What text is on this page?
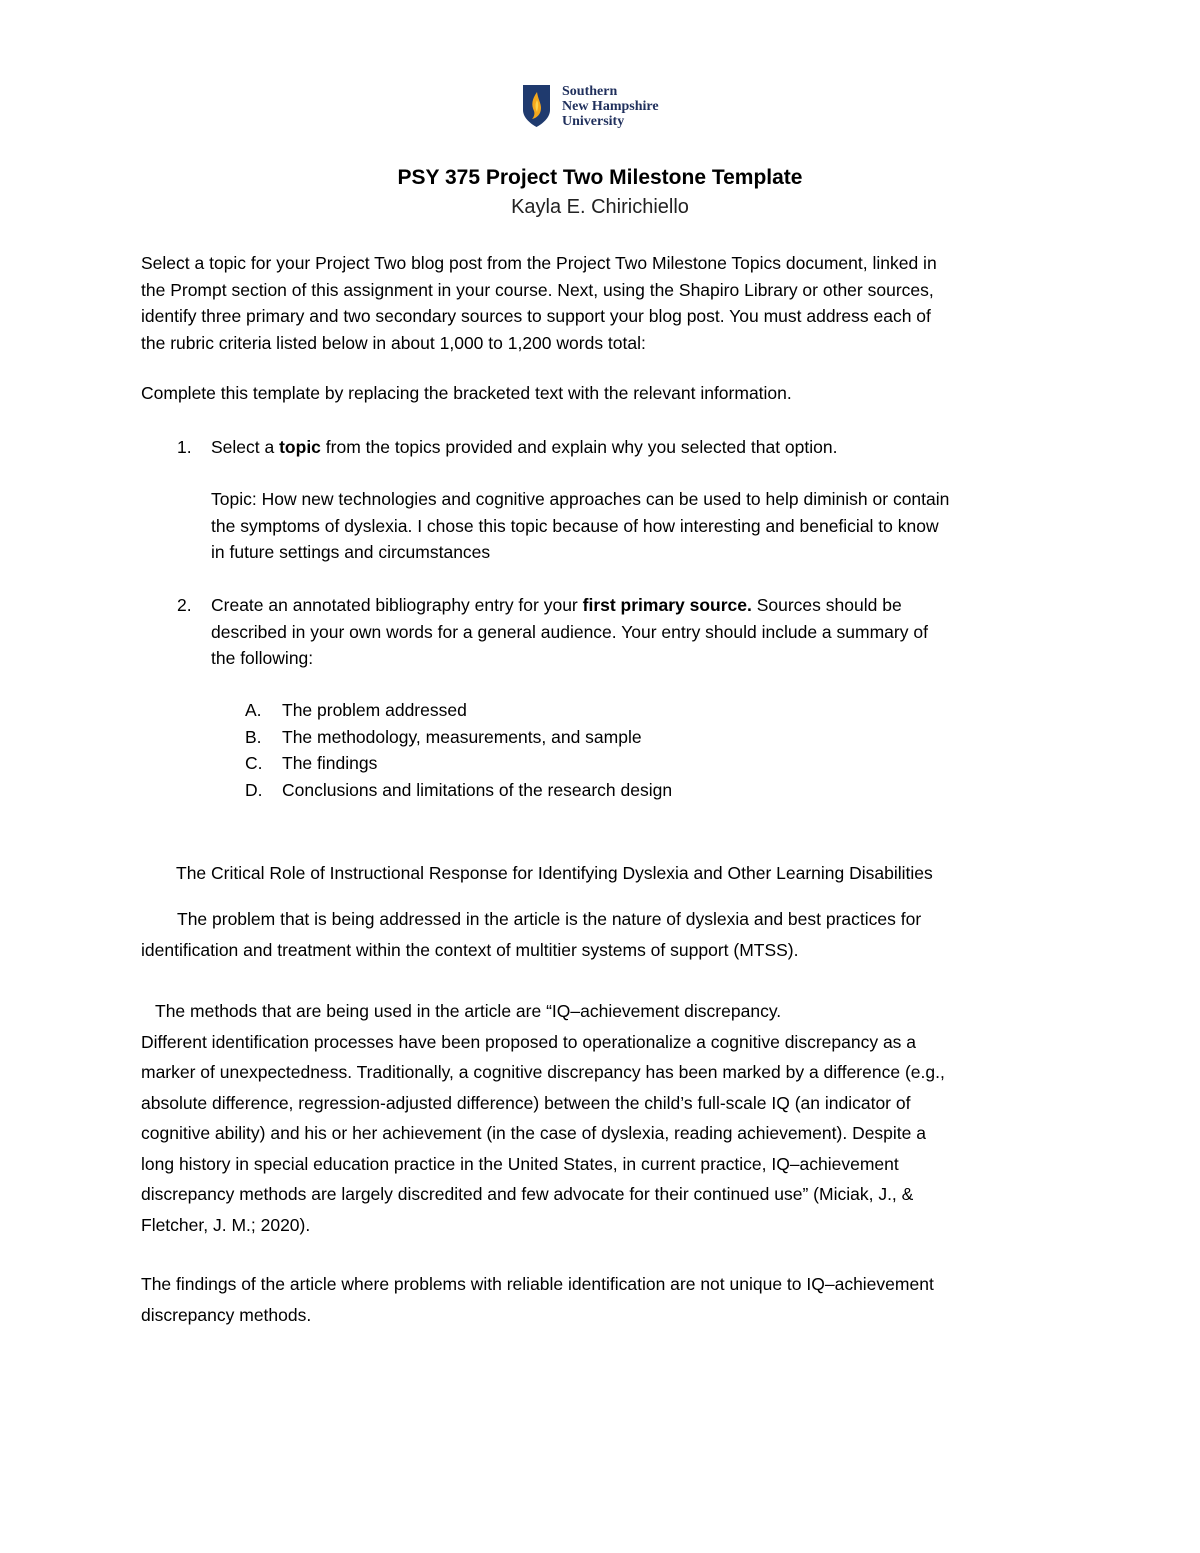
Southern
New Hampshire
University
PSY 375 Project Two Milestone Template
Kayla E. Chirichiello
Select a topic for your Project Two blog post from the Project Two Milestone Topics document, linked in
the Prompt section of this assignment in your course. Next, using the Shapiro Library or other sources,
identify three primary and two secondary sources to support your blog post. You must address each of
the rubric criteria listed below in about 1,000 to 1,200 words total:
Complete this template by replacing the bracketed text with the relevant information.
1. Select a topic from the topics provided and explain why you selected that option.
Topic: How new technologies and cognitive approaches can be used to help diminish or contain
the symptoms of dyslexia. I chose this topic because of how interesting and beneficial to know
in future settings and circumstances
2. Create an annotated bibliography entry for your first primary source. Sources should be
described in your own words for a general audience. Your entry should include a summary of
the following:
A. The problem addressed
B. The methodology, measurements, and sample
C. The findings
D. Conclusions and limitations of the research design
The Critical Role of Instructional Response for Identifying Dyslexia and Other Learning Disabilities
The problem that is being addressed in the article is the nature of dyslexia and best practices for
identification and treatment within the context of multitier systems of support (MTSS).
The methods that are being used in the article are “IQ–achievement discrepancy.
Different identification processes have been proposed to operationalize a cognitive discrepancy as a
marker of unexpectedness. Traditionally, a cognitive discrepancy has been marked by a difference (e.g.,
absolute difference, regression-adjusted difference) between the child’s full-scale IQ (an indicator of
cognitive ability) and his or her achievement (in the case of dyslexia, reading achievement). Despite a
long history in special education practice in the United States, in current practice, IQ–achievement
discrepancy methods are largely discredited and few advocate for their continued use” (Miciak, J., &
Fletcher, J. M.; 2020).
The findings of the article where problems with reliable identification are not unique to IQ–achievement
discrepancy methods.
